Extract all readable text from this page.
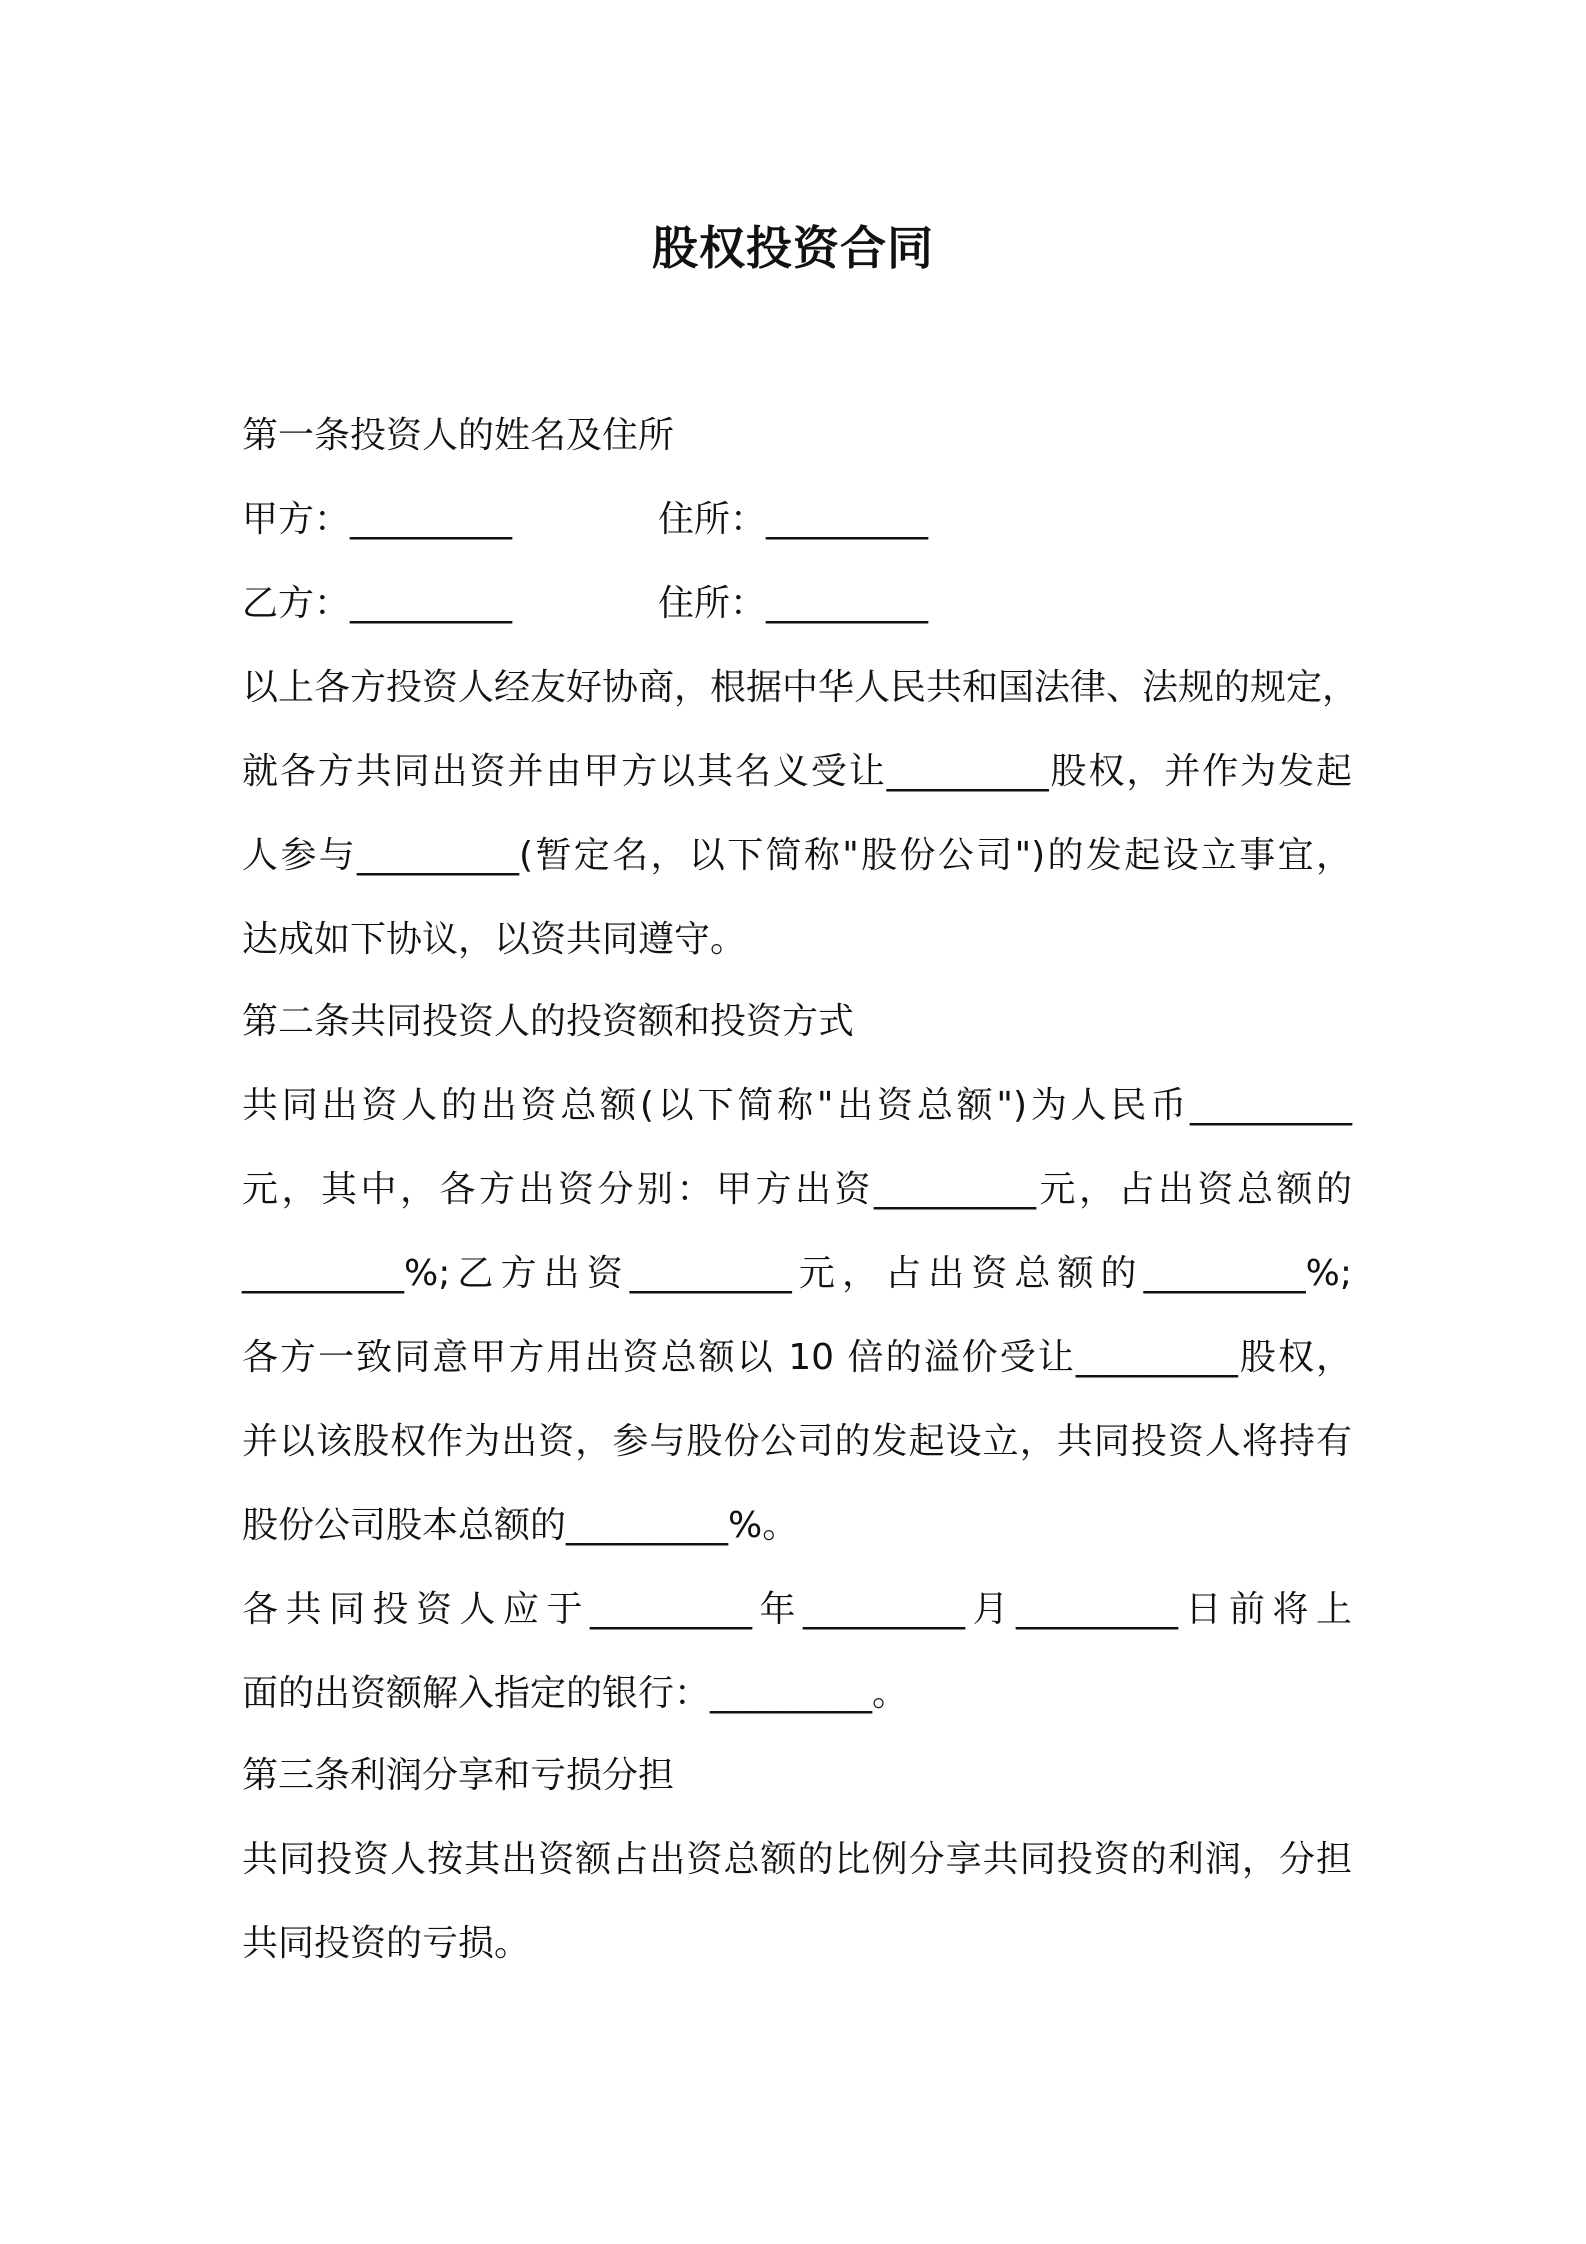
股权投资合同
第一条投资人的姓名及住所
甲方：_________	住所：_________
乙方：_________	住所：_________
以上各方投资人经友好协商，根据中华人民共和国法律、法规的规定，
就各方共同出资并由甲方以其名义受让_________股权，并作为发起
人参与_________(暂定名，以下简称"股份公司")的发起设立事宜，
达成如下协议，以资共同遵守。
第二条共同投资人的投资额和投资方式
共同出资人的出资总额(以下简称"出资总额")为人民币_________
元，其中，各方出资分别：甲方出资_________元，占出资总额的
_________%;乙方出资_________元，占出资总额的_________%;
各方一致同意甲方用出资总额以 10 倍的溢价受让_________股权，
并以该股权作为出资，参与股份公司的发起设立，共同投资人将持有
股份公司股本总额的_________%。
各共同投资人应于_________年_________月_________日前将上
面的出资额解入指定的银行：_________。
第三条利润分享和亏损分担
共同投资人按其出资额占出资总额的比例分享共同投资的利润，分担
共同投资的亏损。
